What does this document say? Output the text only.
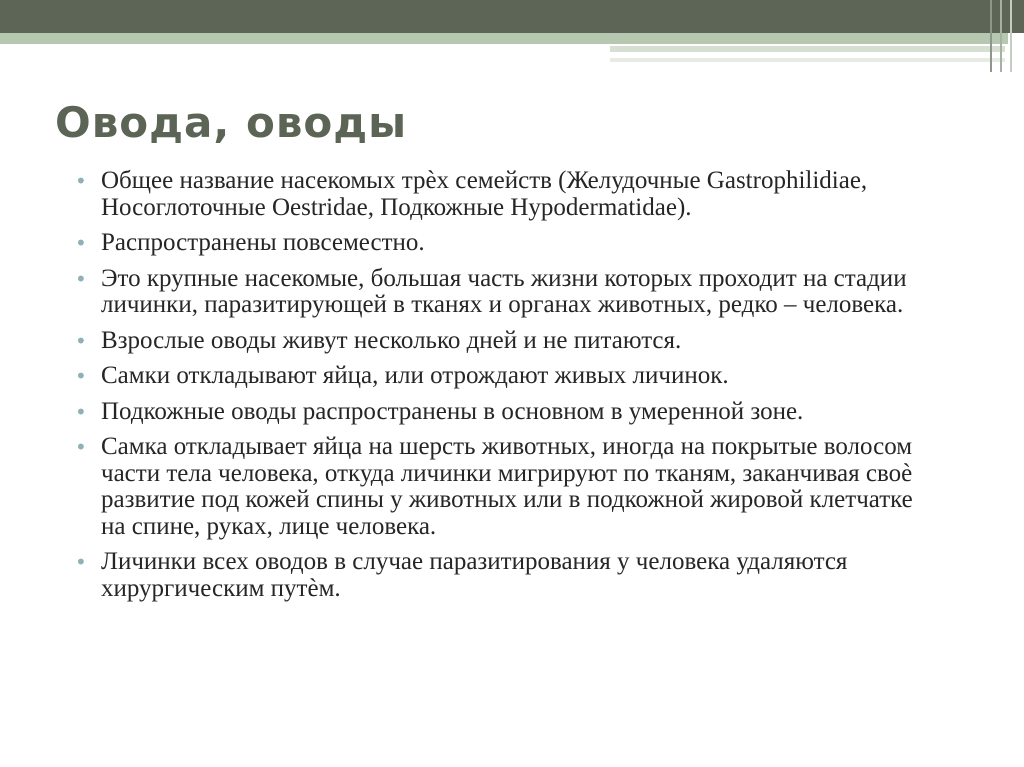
Овода, оводы
• Общее название насекомых трѐх семейств (Желудочные Gastrophilidiae, Носоглоточные Oestridae, Подкожные Hypodermatidae).
• Распространены повсеместно.
• Это крупные насекомые, большая часть жизни которых проходит на стадии личинки, паразитирующей в тканях и органах животных, редко – человека.
• Взрослые оводы живут несколько дней и не питаются.
• Самки откладывают яйца, или отрождают живых личинок.
• Подкожные оводы распространены в основном в умеренной зоне.
• Самка откладывает яйца на шерсть животных, иногда на покрытые волосом части тела человека, откуда личинки мигрируют по тканям, заканчивая своѐ развитие под кожей спины у животных или в подкожной жировой клетчатке на спине, руках, лице человека.
• Личинки всех оводов в случае паразитирования у человека удаляются хирургическим путѐм.
